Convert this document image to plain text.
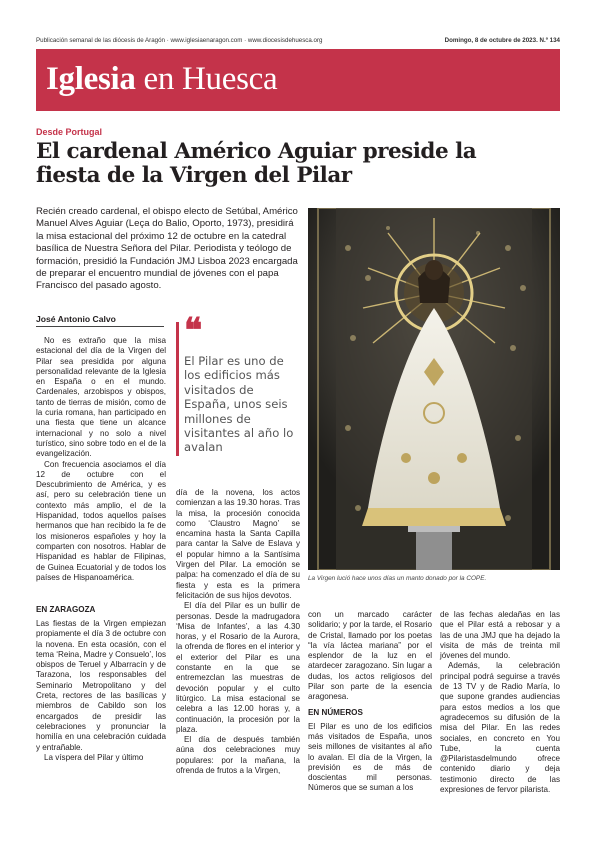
Publicación semanal de las diócesis de Aragón · www.iglesiaenaragon.com · www.diocesisdehuesca.org	Domingo, 8 de octubre de 2023. N.º 134
Iglesia en Huesca
Desde Portugal
El cardenal Américo Aguiar preside la
fiesta de la Virgen del Pilar

Recién creado cardenal, el obispo electo de Setúbal, Américo Manuel Alves Aguiar (Leça do Balio, Oporto, 1973), presidirá la misa estacional del próximo 12 de octubre en la catedral basílica de Nuestra Señora del Pilar. Periodista y teólogo de formación, presidió la Fundación JMJ Lisboa 2023 encargada de preparar el encuentro mundial de jóvenes con el papa Francisco del pasado agosto.

La Virgen lució hace unos días un manto donado por la COPE.
José Antonio Calvo ❝
El Pilar es uno de los edificios más visitados de España, unos seis millones de visitantes al año lo avalan

No es extraño que la misa estacional del día de la Virgen del Pilar sea presidida por alguna personalidad relevante de la Iglesia en España o en el mundo. Cardenales, arzobispos y obispos, tanto de tierras de misión, como de la curia romana, han participado en una fiesta que tiene un alcance internacional y no solo a nivel turístico, sino sobre todo en el de la evangelización.

Con frecuencia asociamos el día 12 de octubre con el Descubrimiento de América, y es así, pero su celebración tiene un contexto más amplio, el de la Hispanidad, todos aquellos países hermanos que han recibido la fe de los misioneros españoles y hoy la comparten con nosotros. Hablar de Hispanidad es hablar de Filipinas, de Guinea Ecuatorial y de todos los países de Hispanoamérica.

EN ZARAGOZA

Las fiestas de la Virgen empiezan propiamente el día 3 de octubre con la novena. En esta ocasión, con el tema ‘Reina, Madre y Consuelo’, los obispos de Teruel y Albarracín y de Tarazona, los responsables del Seminario Metropolitano y del Creta, rectores de las basílicas y miembros de Cabildo son los encargados de presidir las celebraciones y pronunciar la homilía en una celebración cuidada y entrañable.

La víspera del Pilar y último

día de la novena, los actos comienzan a las 19.30 horas. Tras la misa, la procesión conocida como ‘Claustro Magno’ se encamina hasta la Santa Capilla para cantar la Salve de Eslava y el popular himno a la Santísima Virgen del Pilar. La emoción se palpa: ha comenzado el día de su fiesta y esta es la primera felicitación de sus hijos devotos.

El día del Pilar es un bullir de personas. Desde la madrugadora ‘Misa de Infantes’, a las 4.30 horas, y el Rosario de la Aurora, la ofrenda de flores en el interior y el exterior del Pilar es una constante en la que se entremezclan las muestras de devoción popular y el culto litúrgico. La misa estacional se celebra a las 12.00 horas y, a continuación, la procesión por la plaza.

El día de después también aúna dos celebraciones muy populares: por la mañana, la ofrenda de frutos a la Virgen,

con un marcado carácter solidario; y por la tarde, el Rosario de Cristal, llamado por los poetas “la vía láctea mariana” por el esplendor de la luz en el atardecer zaragozano. Sin lugar a dudas, los actos religiosos del Pilar son parte de la esencia aragonesa.

EN NÚMEROS

El Pilar es uno de los edificios más visitados de España, unos seis millones de visitantes al año lo avalan. El día de la Virgen, la previsión es de más de doscientas mil personas. Números que se suman a los

de las fechas aledañas en las que el Pilar está a rebosar y a las de una JMJ que ha dejado la visita de más de treinta mil jóvenes del mundo.

Además, la celebración principal podrá seguirse a través de 13 TV y de Radio María, lo que supone grandes audiencias para estos medios a los que agradecemos su difusión de la misa del Pilar. En las redes sociales, en concreto en You Tube, la cuenta @Pilaristasdelmundo ofrece contenido diario y deja testimonio directo de las expresiones de fervor pilarista.
